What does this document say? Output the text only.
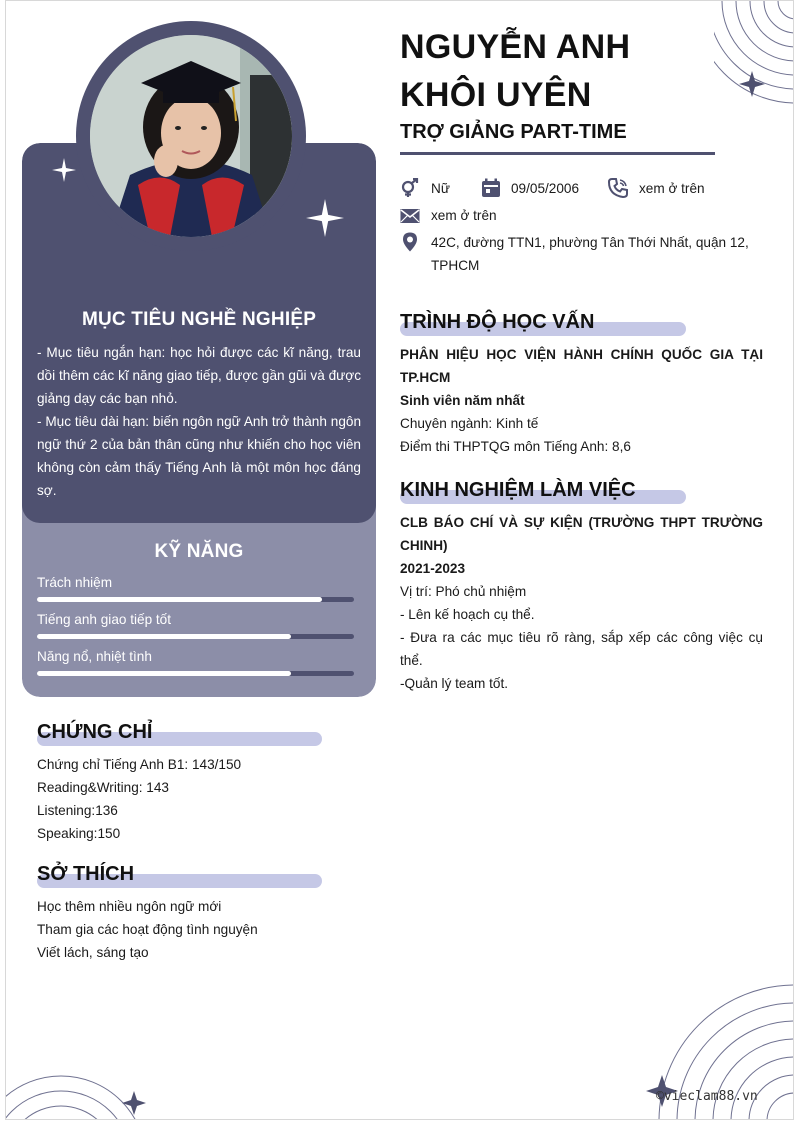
MỤC TIÊU NGHỀ NGHIỆP

- Mục tiêu ngắn hạn: học hỏi được các kĩ năng, trau dồi thêm các kĩ năng giao tiếp, được gần gũi và được giảng dạy các bạn nhỏ.

- Mục tiêu dài hạn: biến ngôn ngữ Anh trở thành ngôn ngữ thứ 2 của bản thân cũng như khiến cho học viên không còn cảm thấy Tiếng Anh là một môn học đáng sợ.

KỸ NĂNG
Trách nhiệm
Tiếng anh giao tiếp tốt
Năng nổ, nhiệt tình
CHỨNG CHỈ
Chứng chỉ Tiếng Anh B1: 143/150
Reading&Writing: 143
Listening:136
Speaking:150
SỞ THÍCH
Học thêm nhiều ngôn ngữ mới
Tham gia các hoạt động tình nguyện
Viết lách, sáng tạo
NGUYỄN ANH
KHÔI UYÊN
TRỢ GIẢNG PART-TIME
Nữ	09/05/2006	xem ở trên
xem ở trên
42C, đường TTN1, phường Tân Thới Nhất, quận 12,
TPHCM
TRÌNH ĐỘ HỌC VẤN
PHÂN HIỆU HỌC VIỆN HÀNH CHÍNH QUỐC GIA TẠI TP.HCM
Sinh viên năm nhất
Chuyên ngành: Kinh tế
Điểm thi THPTQG môn Tiếng Anh: 8,6
KINH NGHIỆM LÀM VIỆC
CLB BÁO CHÍ VÀ SỰ KIỆN (TRƯỜNG THPT TRƯỜNG CHINH)
2021-2023
Vị trí: Phó chủ nhiệm
- Lên kế hoạch cụ thể.
- Đưa ra các mục tiêu rõ ràng, sắp xếp các công việc cụ thể.
-Quản lý team tốt.
©vieclam88.vn
